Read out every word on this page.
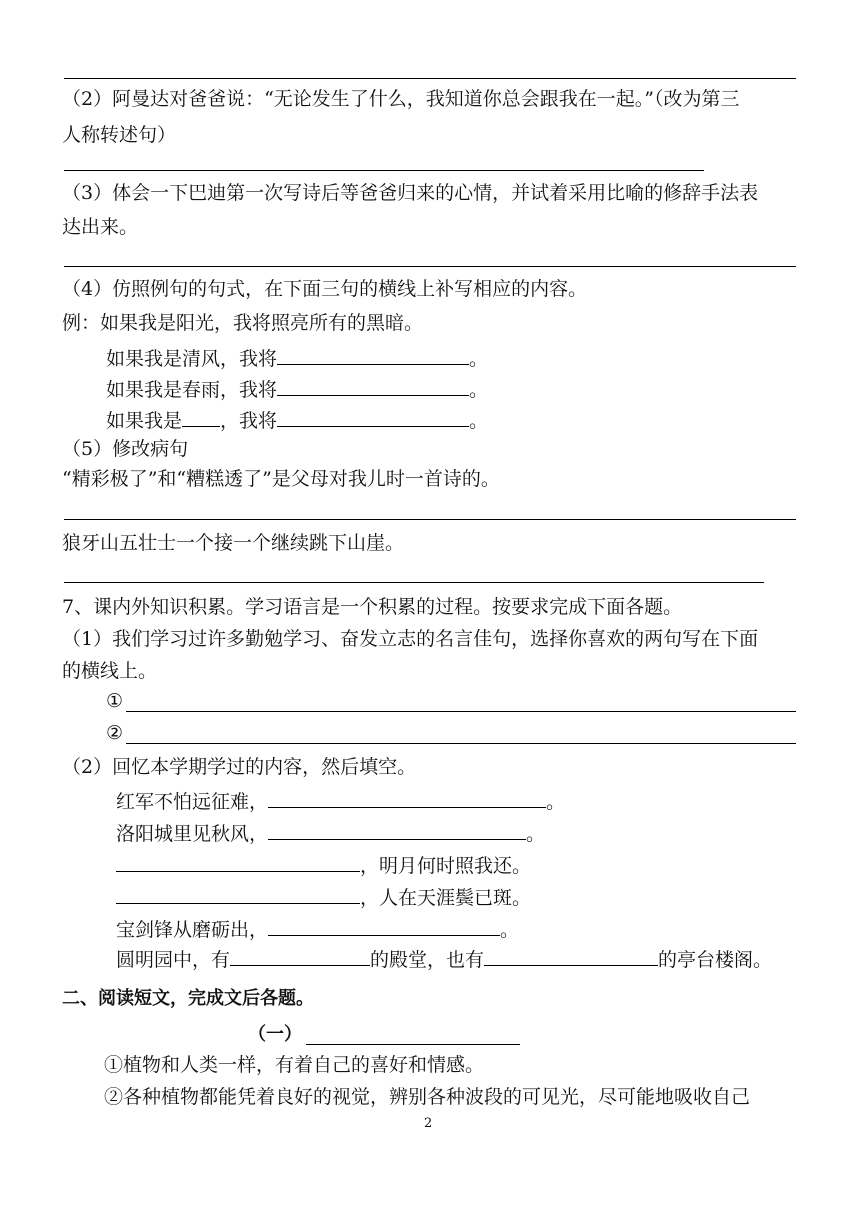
（2）阿曼达对爸爸说：“无论发生了什么，我知道你总会跟我在一起。”（改为第三
人称转述句）
（3）体会一下巴迪第一次写诗后等爸爸归来的心情，并试着采用比喻的修辞手法表
达出来。
（4）仿照例句的句式，在下面三句的横线上补写相应的内容。
例：如果我是阳光，我将照亮所有的黑暗。
如果我是清风，我将	。
如果我是春雨，我将	。
如果我是 ，我将	。
（5）修改病句
“精彩极了”和“糟糕透了”是父母对我儿时一首诗的。
狼牙山五壮士一个接一个继续跳下山崖。
7、课内外知识积累。学习语言是一个积累的过程。按要求完成下面各题。
（1）我们学习过许多勤勉学习、奋发立志的名言佳句，选择你喜欢的两句写在下面
的横线上。
①
②
（2）回忆本学期学过的内容，然后填空。
红军不怕远征难，	。
洛阳城里见秋风，	。
，明月何时照我还。
，人在天涯鬓已斑。
宝剑锋从磨砺出，	。
圆明园中，有	的殿堂，也有	的亭台楼阁。
二、阅读短文，完成文后各题。
（一）
①植物和人类一样，有着自己的喜好和情感。
②各种植物都能凭着良好的视觉，辨别各种波段的可见光，尽可能地吸收自己
2
